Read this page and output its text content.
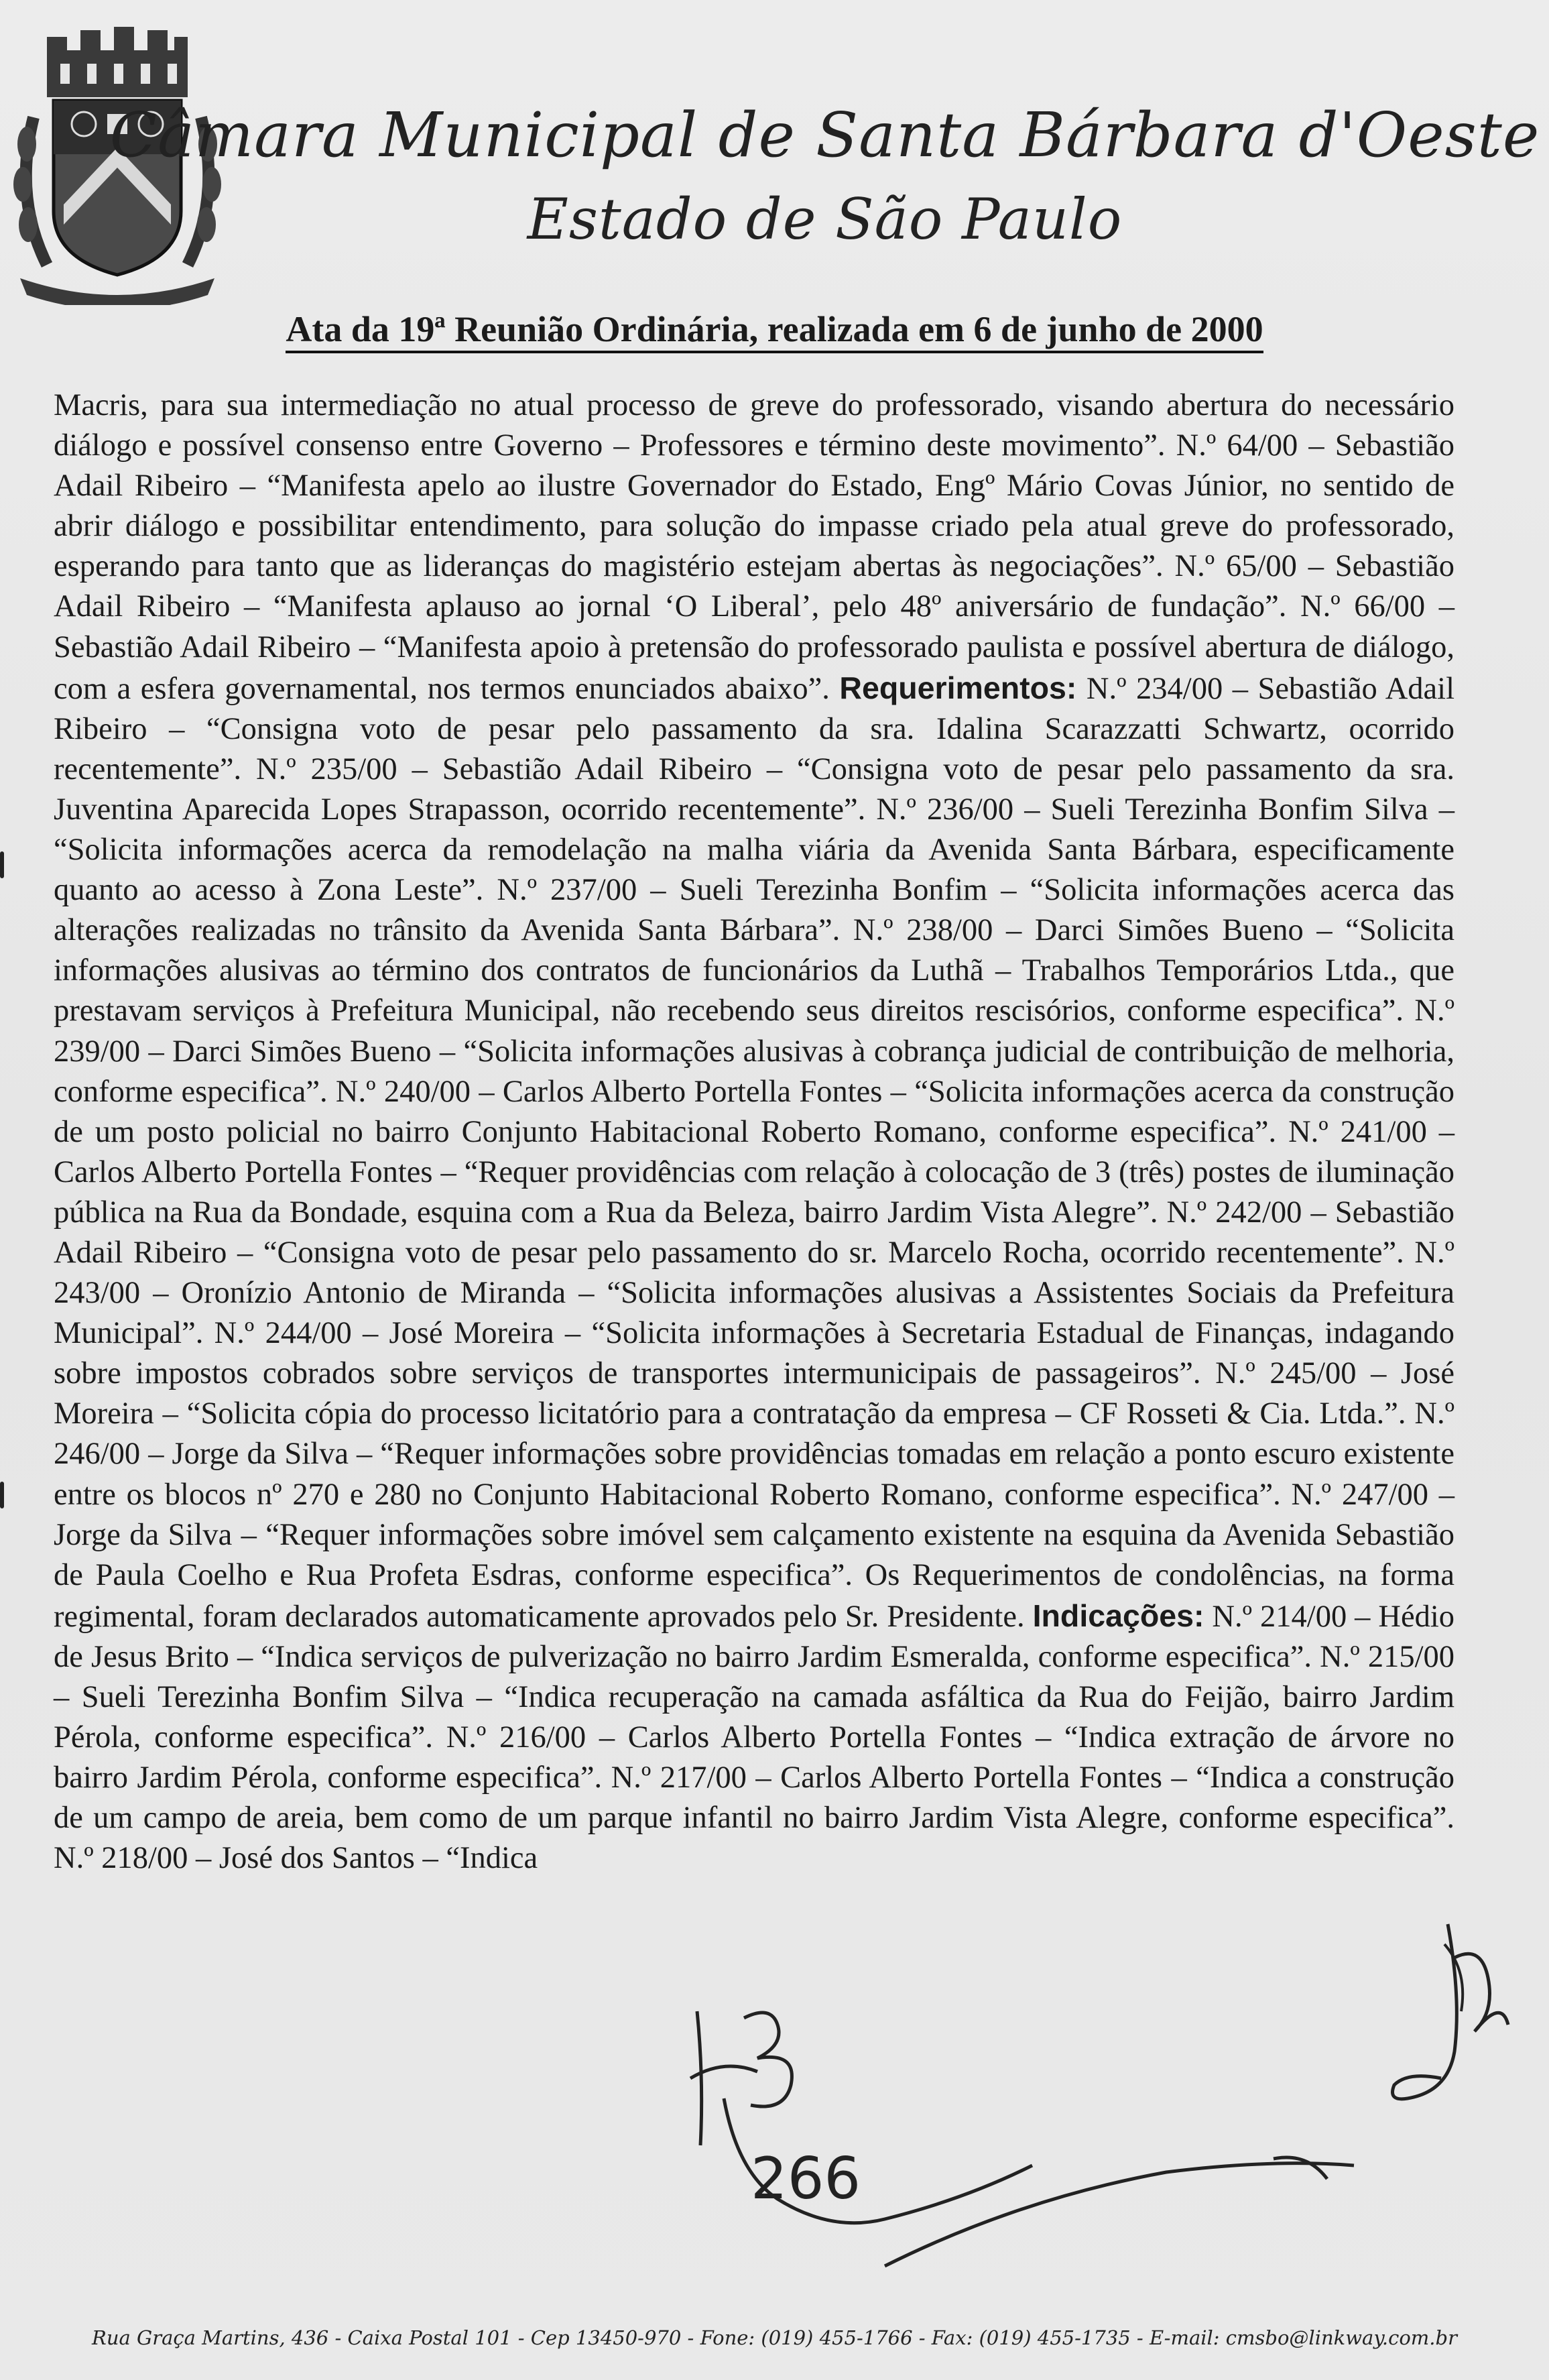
Câmara Municipal de Santa Bárbara d'Oeste
Estado de São Paulo
Ata da 19ª Reunião Ordinária, realizada em 6 de junho de 2000

Macris, para sua intermediação no atual processo de greve do professorado, visando abertura do necessário diálogo e possível consenso entre Governo – Professores e término deste movimento”. N.º 64/00 – Sebastião Adail Ribeiro – “Manifesta apelo ao ilustre Governador do Estado, Engº Mário Covas Júnior, no sentido de abrir diálogo e possibilitar entendimento, para solução do impasse criado pela atual greve do professorado, esperando para tanto que as lideranças do magistério estejam abertas às negociações”. N.º 65/00 – Sebastião Adail Ribeiro – “Manifesta aplauso ao jornal ‘O Liberal’, pelo 48º aniversário de fundação”. N.º 66/00 – Sebastião Adail Ribeiro – “Manifesta apoio à pretensão do professorado paulista e possível abertura de diálogo, com a esfera governamental, nos termos enunciados abaixo”. Requerimentos: N.º 234/00 – Sebastião Adail Ribeiro – “Consigna voto de pesar pelo passamento da sra. Idalina Scarazzatti Schwartz, ocorrido recentemente”. N.º 235/00 – Sebastião Adail Ribeiro – “Consigna voto de pesar pelo passamento da sra. Juventina Aparecida Lopes Strapasson, ocorrido recentemente”. N.º 236/00 – Sueli Terezinha Bonfim Silva – “Solicita informações acerca da remodelação na malha viária da Avenida Santa Bárbara, especificamente quanto ao acesso à Zona Leste”. N.º 237/00 – Sueli Terezinha Bonfim – “Solicita informações acerca das alterações realizadas no trânsito da Avenida Santa Bárbara”. N.º 238/00 – Darci Simões Bueno – “Solicita informações alusivas ao término dos contratos de funcionários da Luthã – Trabalhos Temporários Ltda., que prestavam serviços à Prefeitura Municipal, não recebendo seus direitos rescisórios, conforme especifica”. N.º 239/00 – Darci Simões Bueno – “Solicita informações alusivas à cobrança judicial de contribuição de melhoria, conforme especifica”. N.º 240/00 – Carlos Alberto Portella Fontes – “Solicita informações acerca da construção de um posto policial no bairro Conjunto Habitacional Roberto Romano, conforme especifica”. N.º 241/00 – Carlos Alberto Portella Fontes – “Requer providências com relação à colocação de 3 (três) postes de iluminação pública na Rua da Bondade, esquina com a Rua da Beleza, bairro Jardim Vista Alegre”. N.º 242/00 – Sebastião Adail Ribeiro – “Consigna voto de pesar pelo passamento do sr. Marcelo Rocha, ocorrido recentemente”. N.º 243/00 – Oronízio Antonio de Miranda – “Solicita informações alusivas a Assistentes Sociais da Prefeitura Municipal”. N.º 244/00 – José Moreira – “Solicita informações à Secretaria Estadual de Finanças, indagando sobre impostos cobrados sobre serviços de transportes intermunicipais de passageiros”. N.º 245/00 – José Moreira – “Solicita cópia do processo licitatório para a contratação da empresa – CF Rosseti & Cia. Ltda.”. N.º 246/00 – Jorge da Silva – “Requer informações sobre providências tomadas em relação a ponto escuro existente entre os blocos nº 270 e 280 no Conjunto Habitacional Roberto Romano, conforme especifica”. N.º 247/00 – Jorge da Silva – “Requer informações sobre imóvel sem calçamento existente na esquina da Avenida Sebastião de Paula Coelho e Rua Profeta Esdras, conforme especifica”. Os Requerimentos de condolências, na forma regimental, foram declarados automaticamente aprovados pelo Sr. Presidente. Indicações: N.º 214/00 – Hédio de Jesus Brito – “Indica serviços de pulverização no bairro Jardim Esmeralda, conforme especifica”. N.º 215/00 – Sueli Terezinha Bonfim Silva – “Indica recuperação na camada asfáltica da Rua do Feijão, bairro Jardim Pérola, conforme especifica”. N.º 216/00 – Carlos Alberto Portella Fontes – “Indica extração de árvore no bairro Jardim Pérola, conforme especifica”. N.º 217/00 – Carlos Alberto Portella Fontes – “Indica a construção de um campo de areia, bem como de um parque infantil no bairro Jardim Vista Alegre, conforme especifica”. N.º 218/00 – José dos Santos – “Indica

266
Rua Graça Martins, 436 - Caixa Postal 101 - Cep 13450-970 - Fone: (019) 455-1766 - Fax: (019) 455-1735 - E-mail: cmsbo@linkway.com.br
